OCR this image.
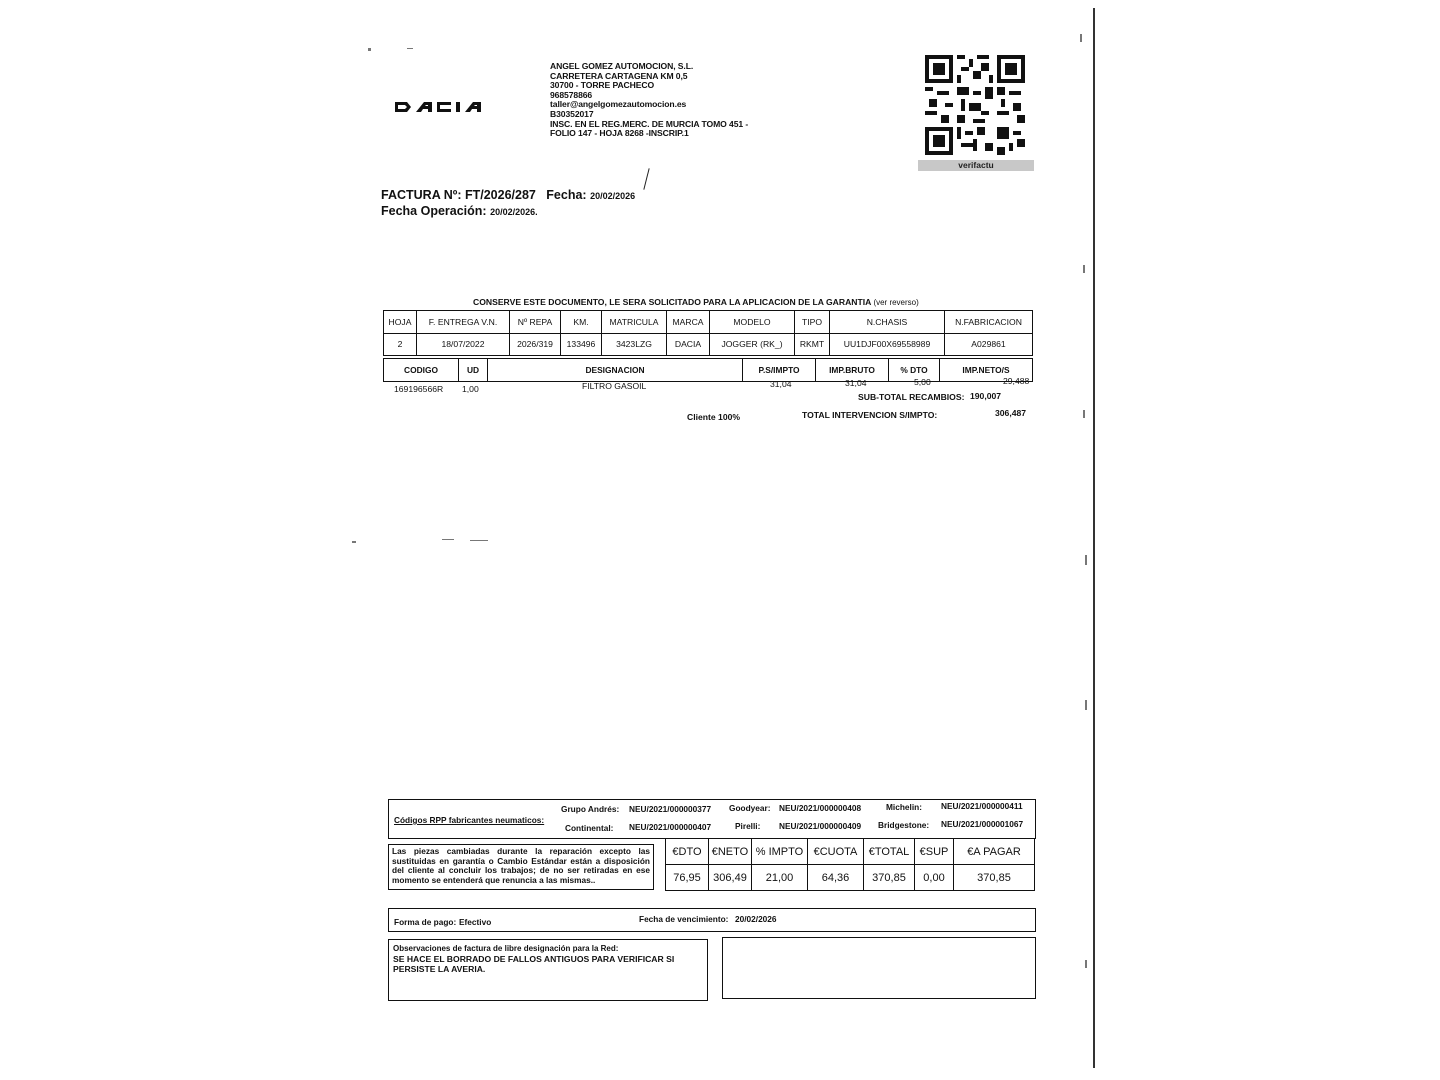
ANGEL GOMEZ AUTOMOCION, S.L.
CARRETERA CARTAGENA KM 0,5
30700 - TORRE PACHECO
968578866
taller@angelgomezautomocion.es
B30352017
INSC. EN EL REG.MERC. DE MURCIA TOMO 451 -
FOLIO 147 - HOJA 8268 -INSCRIP.1
verifactu
FACTURA Nº: FT/2026/287 Fecha: 20/02/2026
Fecha Operación: 20/02/2026.
CONSERVE ESTE DOCUMENTO, LE SERA SOLICITADO PARA LA APLICACION DE LA GARANTIA (ver reverso)
HOJA	F. ENTREGA V.N.	Nº REPA	KM.	MATRICULA	MARCA	MODELO	TIPO	N.CHASIS	N.FABRICACION
2	18/07/2022	2026/319	133496	3423LZG	DACIA	JOGGER (RK_)	RKMT	UU1DJF00X69558989	A029861
CODIGO	UD	DESIGNACION	P.S/IMPTO	IMP.BRUTO	% DTO	IMP.NETO/S
169196566R 1,00	FILTRO GASOIL	31,04	31,04	5,00	29,488
SUB-TOTAL RECAMBIOS: 190,007
Cliente 100%	TOTAL INTERVENCION S/IMPTO:	306,487
Códigos RPP fabricantes neumaticos:
Grupo Andrés: NEU/2021/000000377 Goodyear: NEU/2021/000000408	Michelin: NEU/2021/000000411
Continental: NEU/2021/000000407	Pirelli: NEU/2021/000000409 Bridgestone: NEU/2021/000001067
Las piezas cambiadas durante la reparación excepto las sustituidas en garantía o Cambio Estándar están a disposición del cliente al concluir los trabajos; de no ser retiradas en ese momento se entenderá que renuncia a las mismas..
€DTO	€NETO	% IMPTO	€CUOTA	€TOTAL	€SUP	€A PAGAR
76,95	306,49	21,00	64,36	370,85	0,00	370,85
Forma de pago: Efectivo	Fecha de vencimiento: 20/02/2026
Observaciones de factura de libre designación para la Red:
SE HACE EL BORRADO DE FALLOS ANTIGUOS PARA VERIFICAR SI PERSISTE LA AVERIA.
